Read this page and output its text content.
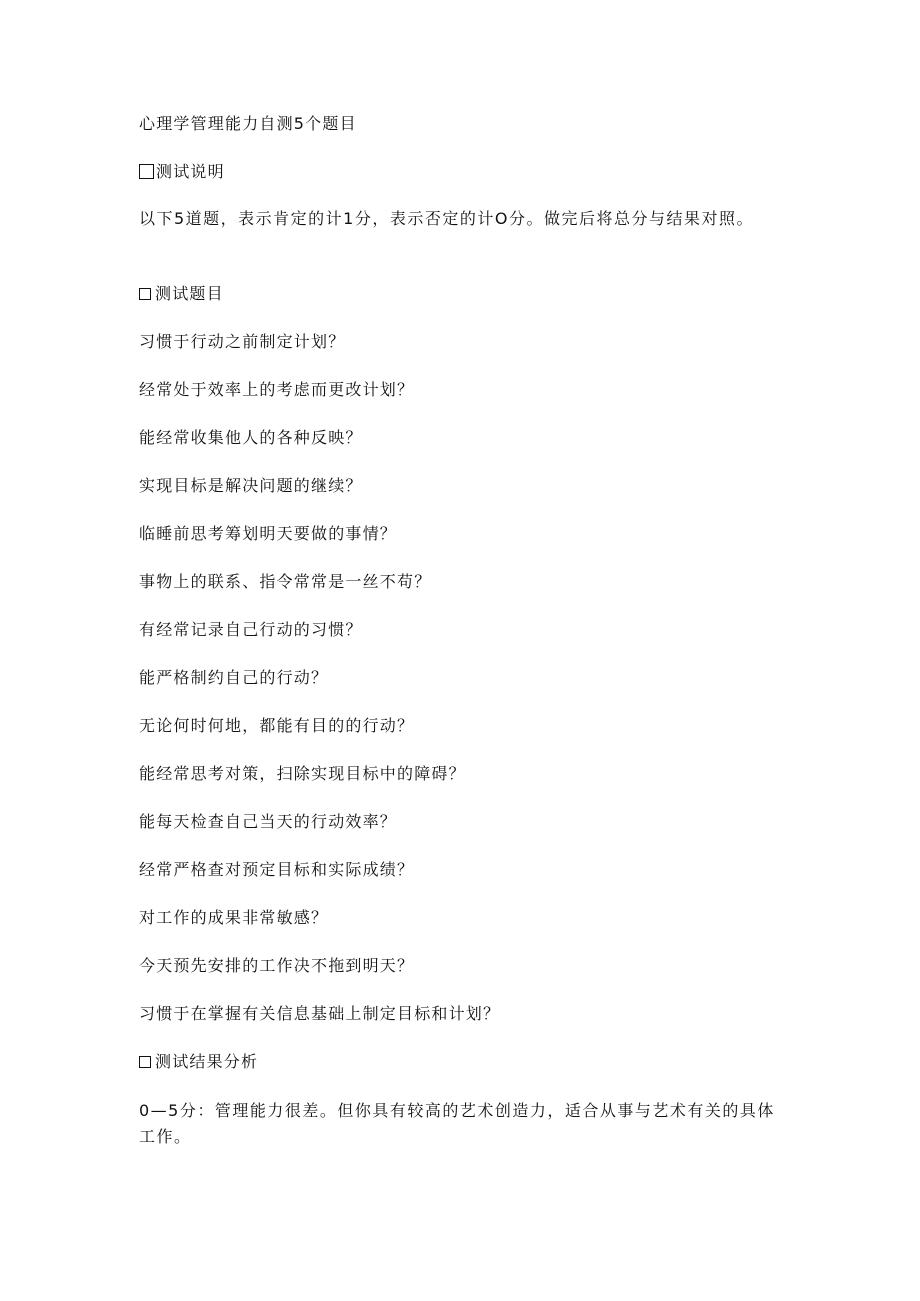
心理学管理能力自测5个题目
测试说明
以下5道题，表示肯定的计1分，表示否定的计O分。做完后将总分与结果对照。
测试题目
习惯于行动之前制定计划？
经常处于效率上的考虑而更改计划？
能经常收集他人的各种反映？
实现目标是解决问题的继续？
临睡前思考筹划明天要做的事情？
事物上的联系、指令常常是一丝不苟？
有经常记录自己行动的习惯？
能严格制约自己的行动？
无论何时何地，都能有目的的行动？
能经常思考对策，扫除实现目标中的障碍？
能每天检查自己当天的行动效率？
经常严格查对预定目标和实际成绩？
对工作的成果非常敏感？
今天预先安排的工作决不拖到明天？
习惯于在掌握有关信息基础上制定目标和计划？
测试结果分析
0—5分：管理能力很差。但你具有较高的艺术创造力，适合从事与艺术有关的具体工作。
